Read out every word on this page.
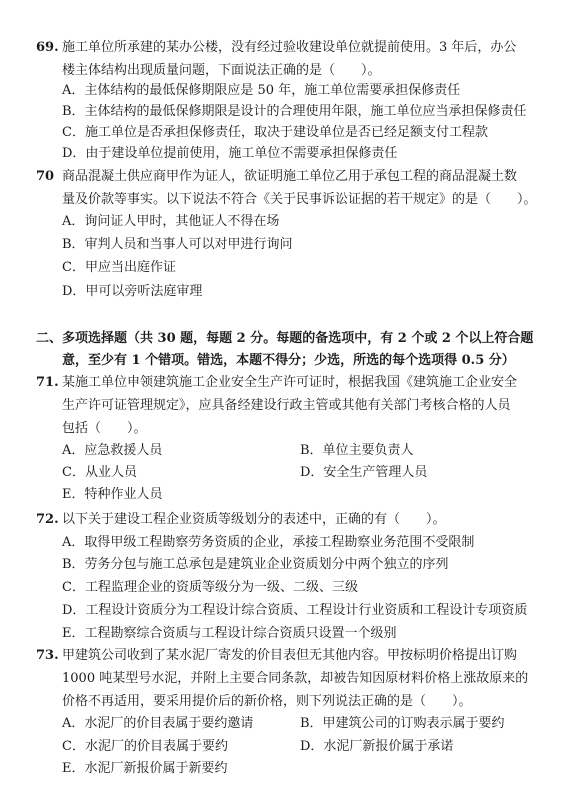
69. 施工单位所承建的某办公楼，没有经过验收建设单位就提前使用。3 年后，办公
楼主体结构出现质量问题，下面说法正确的是（　　）。
A．主体结构的最低保修期限应是 50 年，施工单位需要承担保修责任
B．主体结构的最低保修期限是设计的合理使用年限，施工单位应当承担保修责任
C．施工单位是否承担保修责任，取决于建设单位是否已经足额支付工程款
D．由于建设单位提前使用，施工单位不需要承担保修责任
70 商品混凝土供应商甲作为证人，欲证明施工单位乙用于承包工程的商品混凝土数
量及价款等事实。以下说法不符合《关于民事诉讼证据的若干规定》的是（　　）。
A．询问证人甲时，其他证人不得在场
B．审判人员和当事人可以对甲进行询问
C．甲应当出庭作证
D．甲可以旁听法庭审理
二、多项选择题（共 30 题，每题 2 分。每题的备选项中，有 2 个或 2 个以上符合题
意，至少有 1 个错项。错选，本题不得分；少选，所选的每个选项得 0.5 分）
71. 某施工单位申领建筑施工企业安全生产许可证时，根据我国《建筑施工企业安全
生产许可证管理规定》，应具备经建设行政主管或其他有关部门考核合格的人员
包括（　　）。
A．应急救援人员	B．单位主要负责人
C．从业人员	D．安全生产管理人员
E．特种作业人员
72. 以下关于建设工程企业资质等级划分的表述中，正确的有（　　）。
A．取得甲级工程勘察劳务资质的企业，承接工程勘察业务范围不受限制
B．劳务分包与施工总承包是建筑业企业资质划分中两个独立的序列
C．工程监理企业的资质等级分为一级、二级、三级
D．工程设计资质分为工程设计综合资质、工程设计行业资质和工程设计专项资质
E．工程勘察综合资质与工程设计综合资质只设置一个级别
73. 甲建筑公司收到了某水泥厂寄发的价目表但无其他内容。甲按标明价格提出订购
1000 吨某型号水泥，并附上主要合同条款，却被告知因原材料价格上涨故原来的
价格不再适用，要采用提价后的新价格，则下列说法正确的是（　　）。
A．水泥厂的价目表属于要约邀请	B．甲建筑公司的订购表示属于要约
C．水泥厂的价目表属于要约	D．水泥厂新报价属于承诺
E．水泥厂新报价属于新要约
